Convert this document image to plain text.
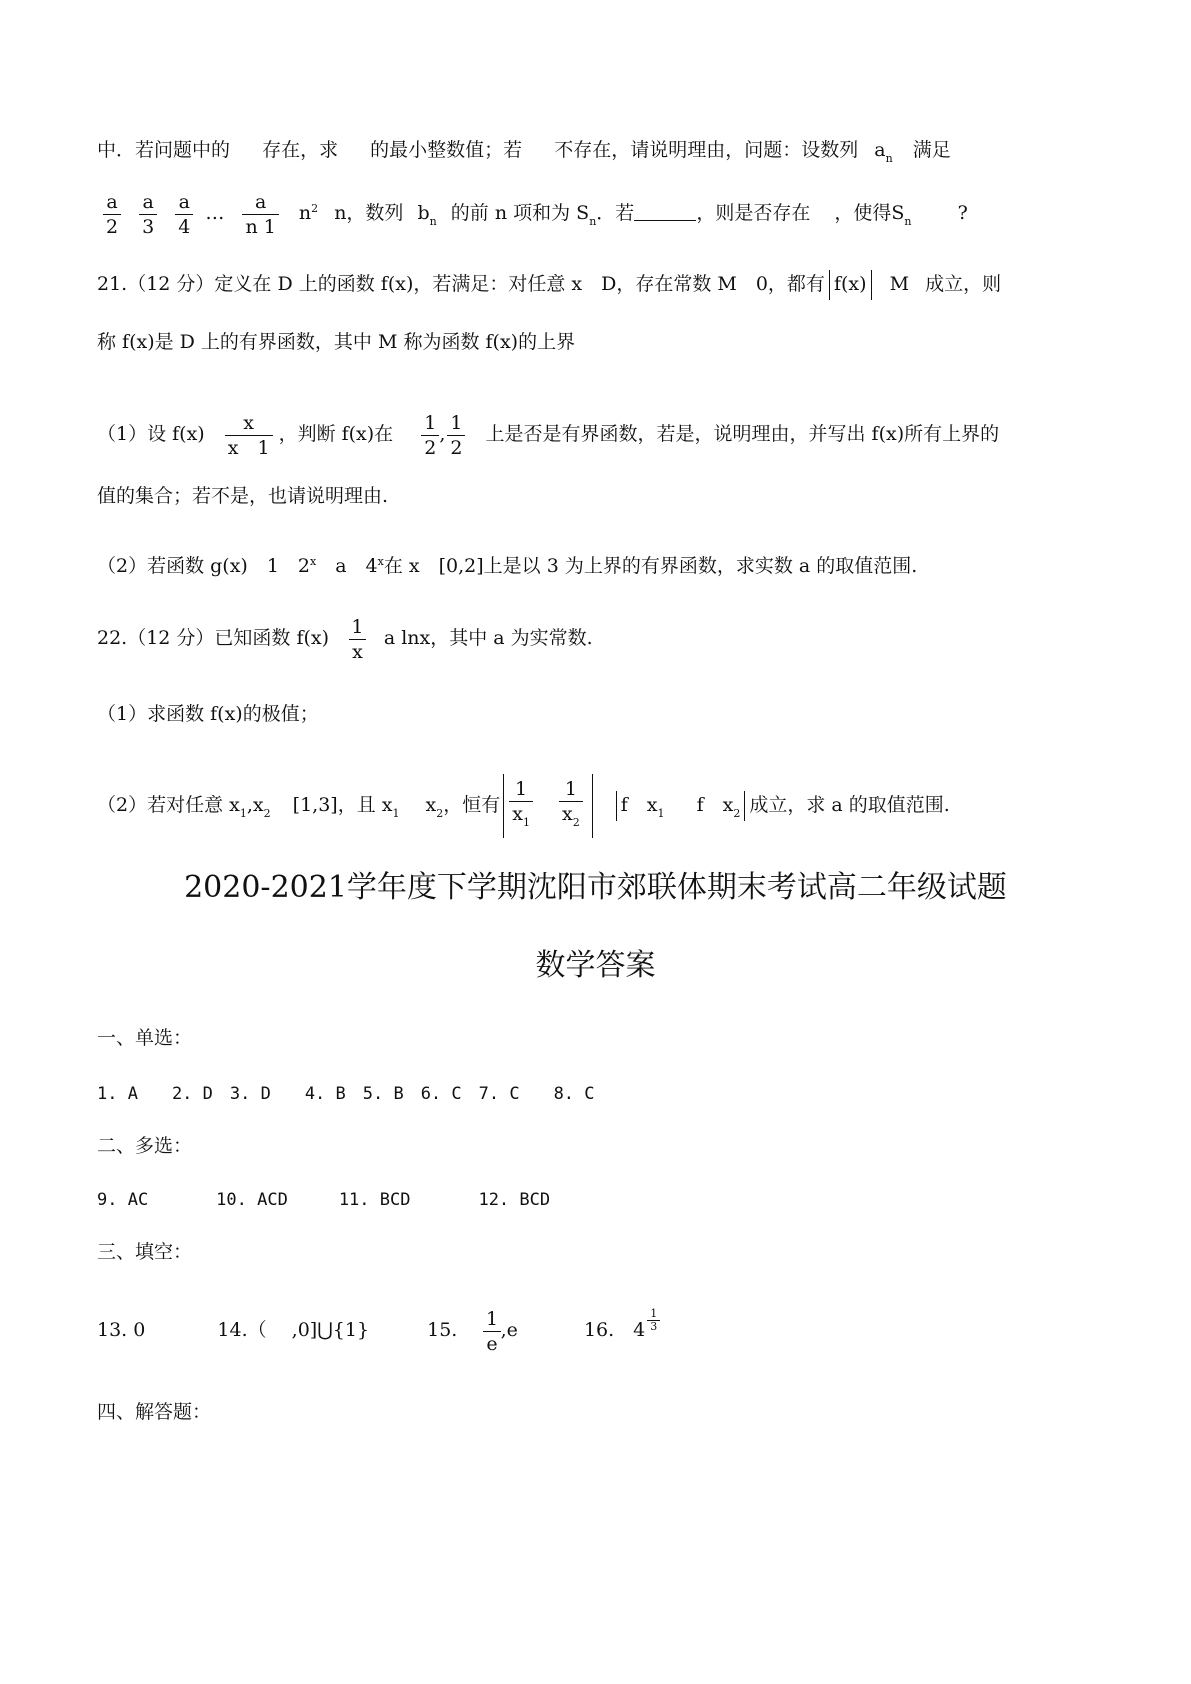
中．若问题中的 存在，求 的最小整数值；若 不存在，请说明理由，问题：设数列 $a_n$ 满足
$\frac{a}{2}$
$\frac{a}{3}$
$\frac{a}{4}$ … $\frac{a}{n 1} n^2$ n，数列 $b_n$ 的前 n 项和为 $S_n$．若	，则是否存在 ，使得$S_n$ ?
21.（12 分）定义在 D 上的函数 f(x)，若满足：对任意 x　D，存在常数 M　0，都有 f(x) M 成立，则
称 f(x)是 D 上的有界函数，其中 M 称为函数 f(x)的上界
（1）设 $f(x) \frac{x}{x 1}$ ，判断 f(x)在 $\frac{1}{2}$ , $\frac{1}{2}$ 上是否是有界函数，若是，说明理由，并写出 f(x)所有上界的
值的集合；若不是，也请说明理由.
（2）若函数 g(x)　1　2$^x$　a　4$^x$在 x　[0,2]上是以 3 为上界的有界函数，求实数 a 的取值范围.
22.（12 分）已知函数 $f(x) \frac{1}{x}$ a lnx，其中 a 为实常数.
（1）求函数 f(x)的极值；
（2）若对任意 $x_1,x_2$ [1,3]，且 $x_1$ $x_2$，恒有 $\frac{1}{x_1}$
$\frac{1}{x_2}$ f　$x_1$ f　$x_2$ 成立，求 a 的取值范围.
2020-2021学年度下学期沈阳市郊联体期末考试高二年级试题
数学答案
一、单选：
1. A　　2. D　3. D　　4. B　5. B　6. C　7. C　　8. C
二、多选：
9. AC　　　　10. ACD　　　11. BCD　　　　12. BCD
三、填空：
13. 0	14.（　 ,0]⋃{1}	15. $\frac{1}{e} ,e$	16.　$4 \frac{1}{3}$
四、解答题：
